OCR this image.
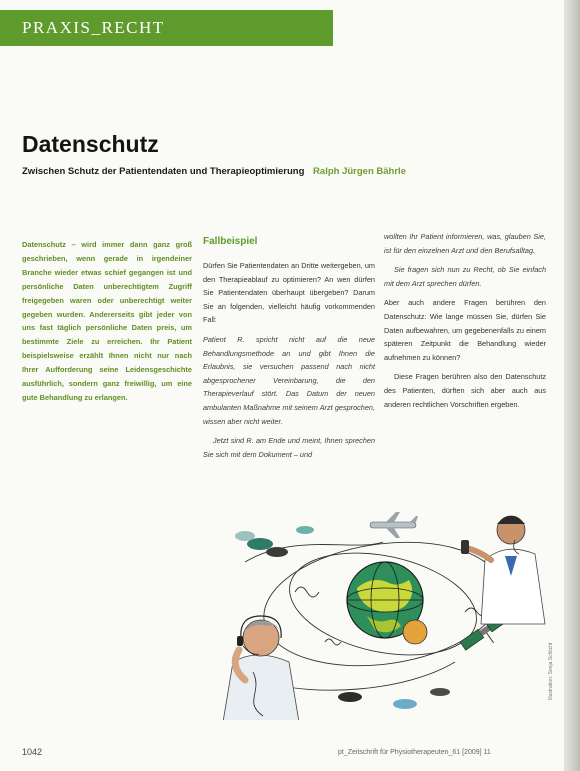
PRAXIS_RECHT
Datenschutz
Zwischen Schutz der Patientendaten und Therapieoptimierung Ralph Jürgen Bährle

Datenschutz – wird immer dann ganz groß geschrieben, wenn gerade in irgendeiner Branche wieder etwas schief gegangen ist und persönliche Daten unberechtigtem Zugriff freigegeben waren oder unberechtigt weiter gegeben wurden. Andererseits gibt jeder von uns fast täglich persönliche Daten preis, um bestimmte Ziele zu erreichen. Ihr Patient beispielsweise erzählt Ihnen nicht nur nach Ihrer Aufforderung seine Leidensgeschichte ausführlich, sondern ganz freiwillig, um eine gute Behandlung zu erlangen.

Fallbeispiel

Dürfen Sie Patientendaten an Dritte weitergeben, um den Therapieablauf zu optimieren? An wen dürfen Sie Patientendaten überhaupt übergeben? Darum Sie an folgenden, vielleicht häufig vorkommenden Fall:

Patient R. spricht nicht auf die neue Behandlungsmethode an und gibt Ihnen die Erlaubnis, sie versuchen passend nach nicht abgesprochener Vereinbarung, die den Therapieverlauf stört. Das Datum der neuen ambulanten Maßnahme mit seinem Arzt gesprochen, wissen aber nicht weiter.

Jetzt sind R. am Ende und meint, Ihnen sprechen Sie sich mit dem Dokument – und

wollten Ihr Patient informieren, was, glauben Sie, ist für den einzelnen Arzt und den Berufsalltag.

Sie fragen sich nun zu Recht, ob Sie einfach mit dem Arzt sprechen dürfen.

Aber auch andere Fragen berühren den Datenschutz: Wie lange müssen Sie, dürfen Sie Daten aufbewahren, um gegebenenfalls zu einem späteren Zeitpunkt die Behandlung wieder aufnehmen zu können?

Diese Fragen berühren also den Datenschutz des Patienten, dürften sich aber auch aus anderen rechtlichen Vorschriften ergeben.

Illustration: Sonja Schlicht
1042	pt_Zeitschrift für Physiotherapeuten_61 [2009] 11
